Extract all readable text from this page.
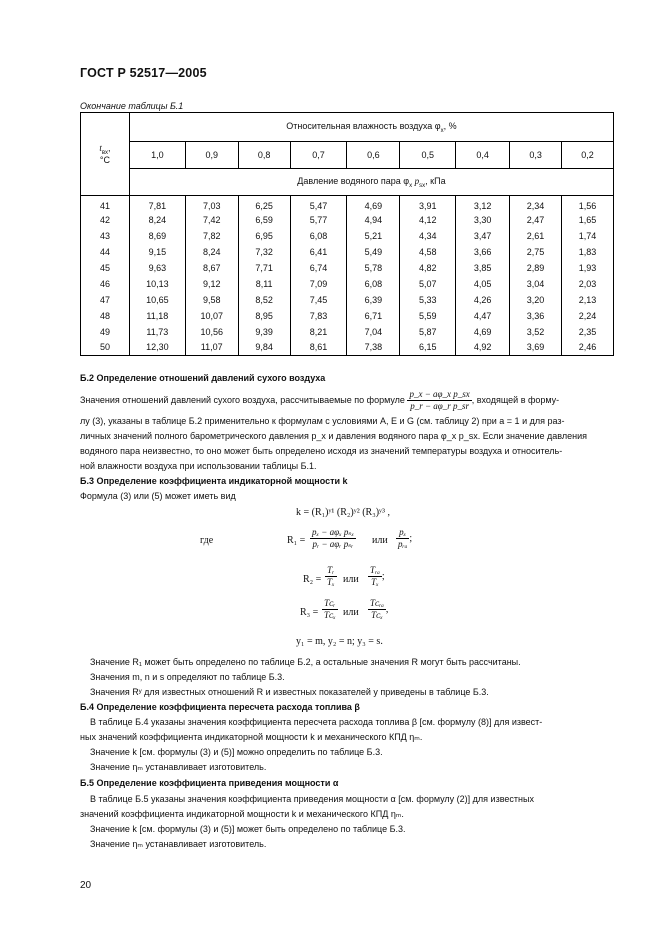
ГОСТ Р 52517—2005
Окончание таблицы Б.1
$t_{вх}$,
°С	Относительная влажность воздуха $\varphi_х$, %								
	1,0	0,9	0,8	0,7	0,6	0,5	0,4	0,3	0,2
	Давление водяного пара $\varphi_х$ $p_{sх}$, кПа								
41	7,81	7,03	6,25	5,47	4,69	3,91	3,12	2,34	1,56
42	8,24	7,42	6,59	5,77	4,94	4,12	3,30	2,47	1,65
43	8,69	7,82	6,95	6,08	5,21	4,34	3,47	2,61	1,74
44	9,15	8,24	7,32	6,41	5,49	4,58	3,66	2,75	1,83
45	9,63	8,67	7,71	6,74	5,78	4,82	3,85	2,89	1,93
46	10,13	9,12	8,11	7,09	6,08	5,07	4,05	3,04	2,03
47	10,65	9,58	8,52	7,45	6,39	5,33	4,26	3,20	2,13
48	11,18	10,07	8,95	7,83	6,71	5,59	4,47	3,36	2,24
49	11,73	10,56	9,39	8,21	7,04	5,87	4,69	3,52	2,35
50	12,30	11,07	9,84	8,61	7,38	6,15	4,92	3,69	2,46
Б.2 Определение отношений давлений сухого воздуха
Значения отношений давлений сухого воздуха, рассчитываемые по формуле $\frac{\text{p\_x − aφ\_x p\_sx}}{\text{p\_r − aφ\_r p\_sr}}$ , входящей в форму-
лу (3), указаны в таблице Б.2 применительно к формулам с условиями A, E и G (см. таблицу 2) при a = 1 и для раз-
личных значений полного барометрического давления p_x и давления водяного пара φ_x p_sx. Если значение давления
водяного пара неизвестно, то оно может быть определено исходя из значений температуры воздуха и относитель-
ной влажности воздуха при использовании таблицы Б.1.
Б.3 Определение коэффициента индикаторной мощности k
Формула (3) или (5) может иметь вид
k = (R₁)ʸ¹ (R₂)ʸ² (R₃)ʸ³ ,
где	$R_1 = \frac{\text{pₓ − aφₓ pₛₓ}}{\text{pᵣ − aφᵣ pₛᵣ}}$ или $\frac{\text{pₓ}}{\text{pᵣₐ}}$ ;
$R_2 = \frac{\text{Tᵣ}}{\text{Tₓ}}$ или $\frac{\text{Tᵣₐ}}{\text{Tₓ}}$ ;
$R_3 = \frac{\text{Tᴄᵣ}}{\text{Tᴄₓ}}$ или $\frac{\text{Tᴄᵣₐ}}{\text{Tᴄₓ}}$ ,
y₁ = m, y₂ = n; y₃ = s.
Значение R₁ может быть определено по таблице Б.2, а остальные значения R могут быть рассчитаны.
Значения m, n и s определяют по таблице Б.3.
Значения Rʸ для известных отношений R и известных показателей y приведены в таблице Б.3.
Б.4 Определение коэффициента пересчета расхода топлива β
В таблице Б.4 указаны значения коэффициента пересчета расхода топлива β [см. формулу (8)] для извест-
ных значений коэффициента индикаторной мощности k и механического КПД ηₘ.
Значение k [см. формулы (3) и (5)] можно определить по таблице Б.3.
Значение ηₘ устанавливает изготовитель.
Б.5 Определение коэффициента приведения мощности α
В таблице Б.5 указаны значения коэффициента приведения мощности α [см. формулу (2)] для известных
значений коэффициента индикаторной мощности k и механического КПД ηₘ.
Значение k [см. формулы (3) и (5)] может быть определено по таблице Б.3.
Значение ηₘ устанавливает изготовитель.
20
